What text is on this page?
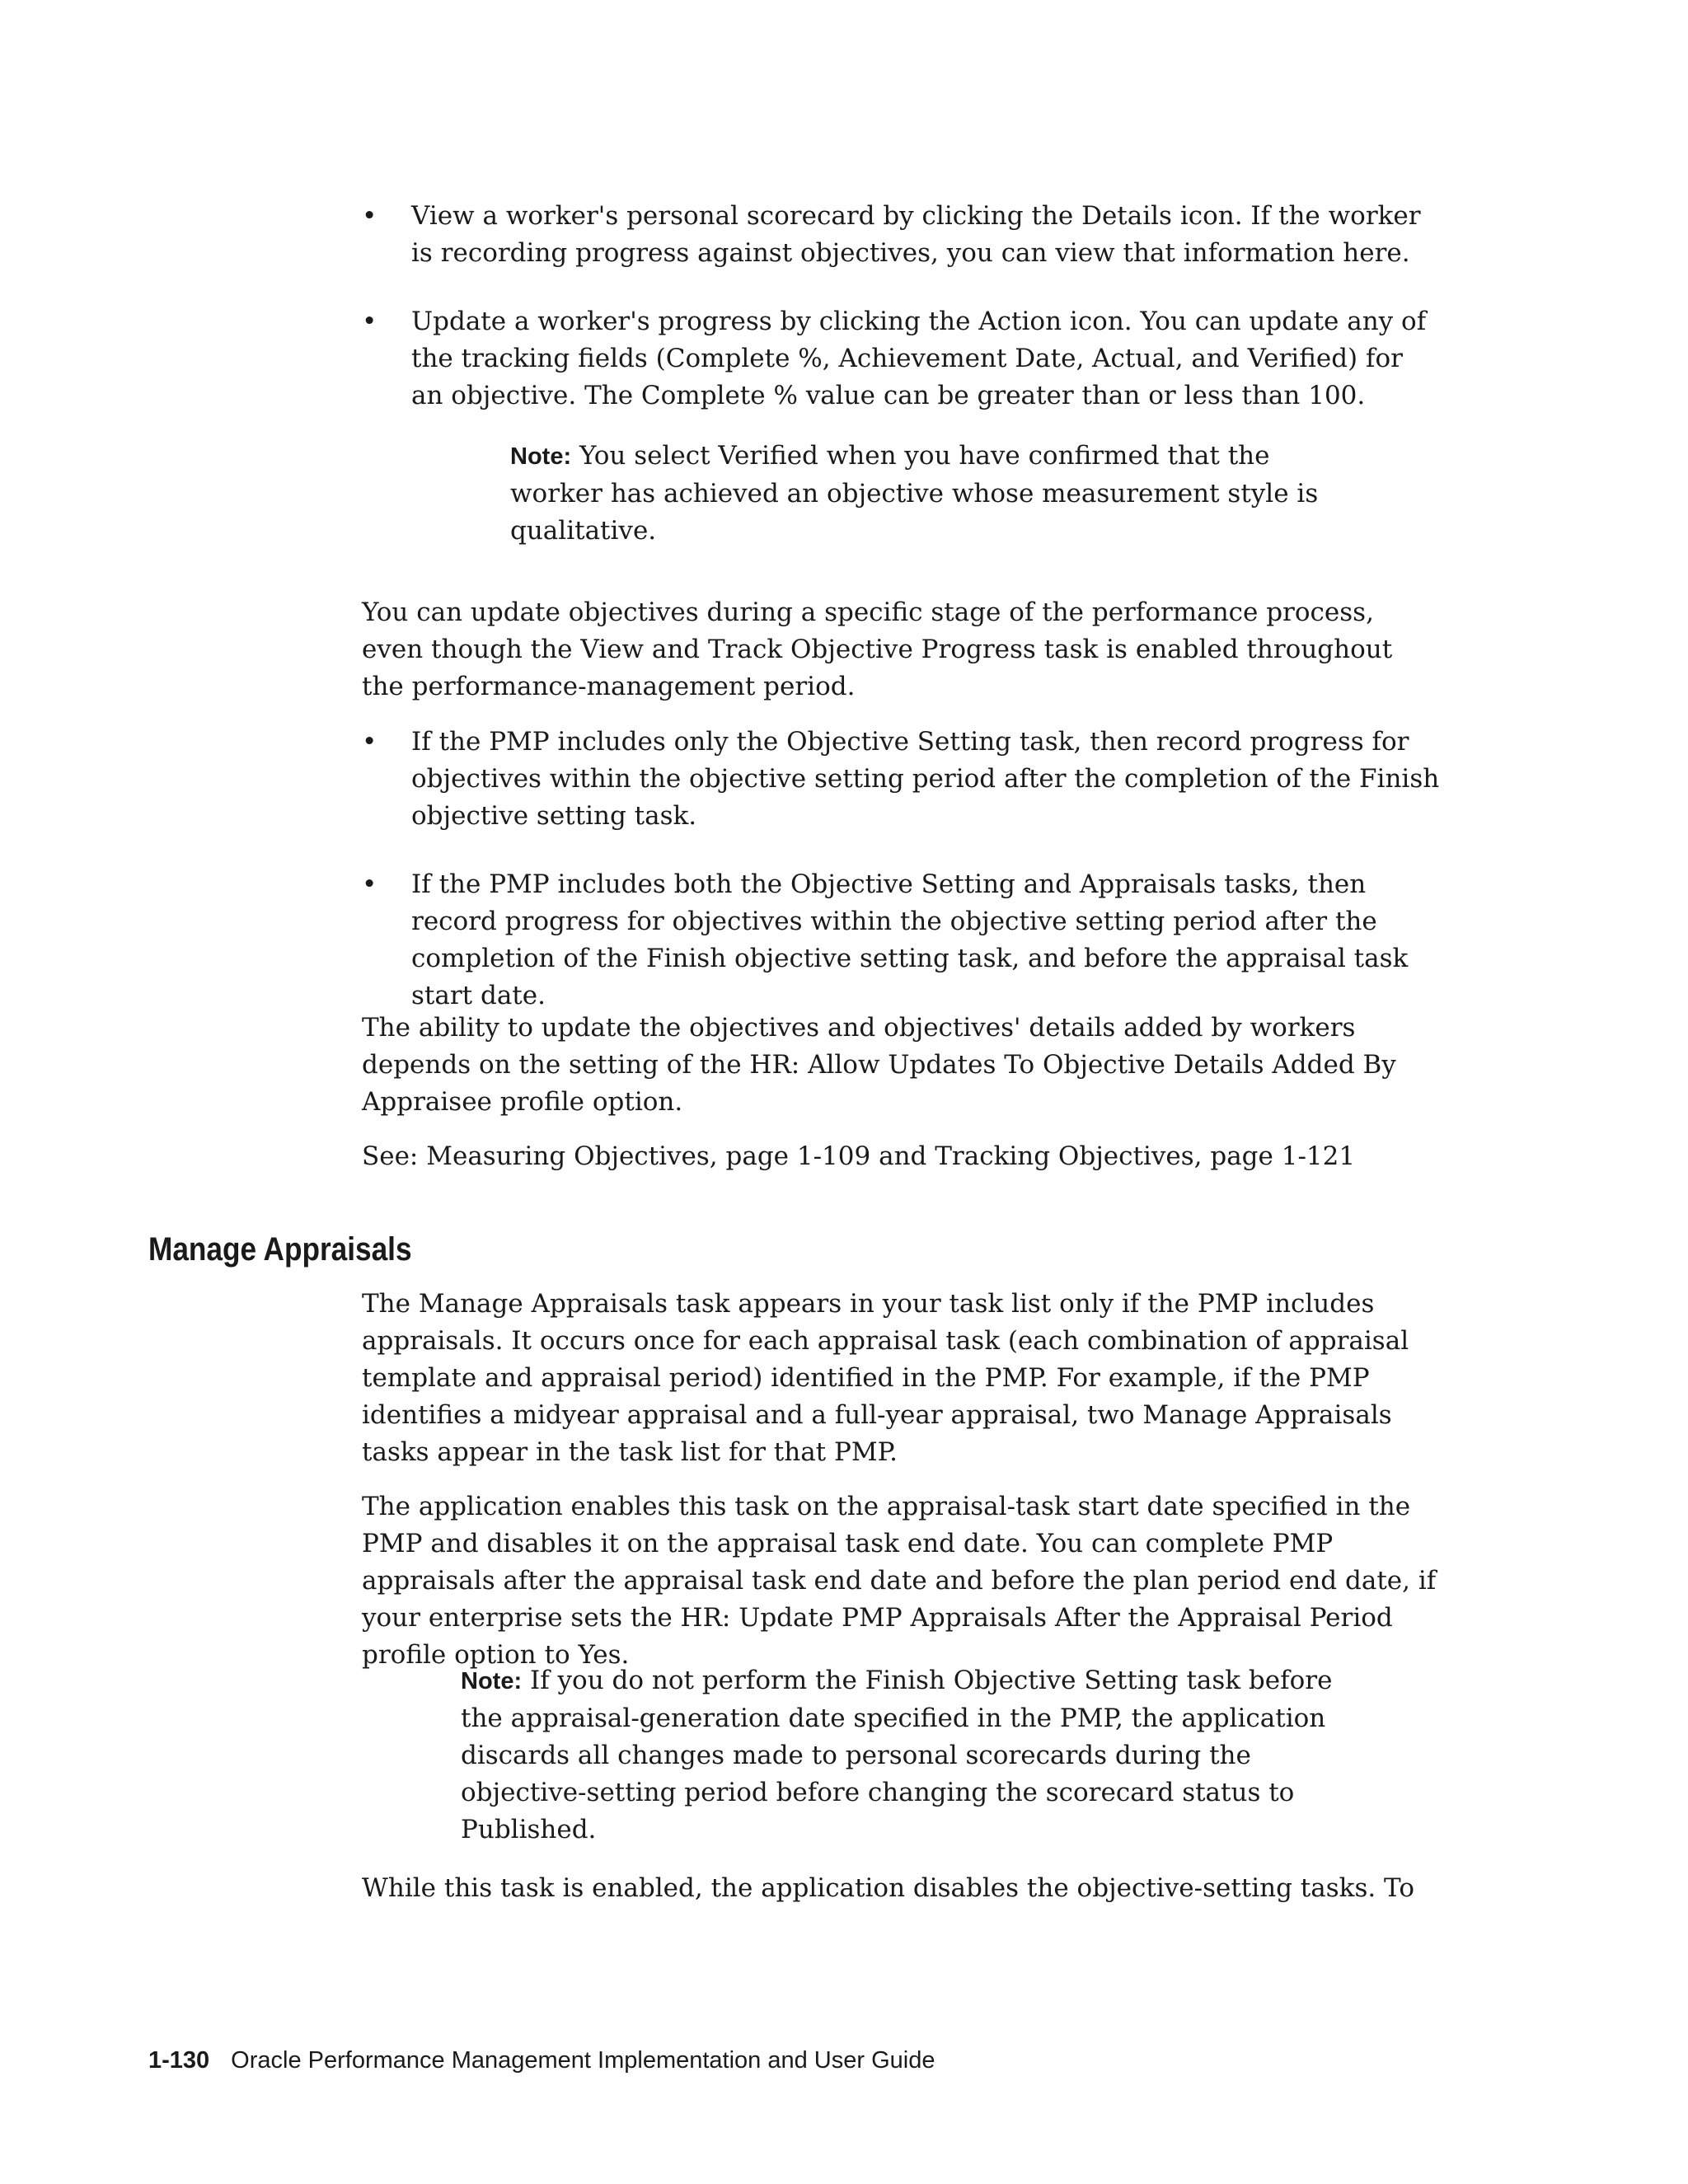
•	View a worker's personal scorecard by clicking the Details icon. If the worker is recording progress against objectives, you can view that information here.
•	Update a worker's progress by clicking the Action icon. You can update any of the tracking fields (Complete %, Achievement Date, Actual, and Verified) for an objective. The Complete % value can be greater than or less than 100.
Note: You select Verified when you have confirmed that the worker has achieved an objective whose measurement style is qualitative.

You can update objectives during a specific stage of the performance process, even though the View and Track Objective Progress task is enabled throughout the performance-management period.

•	If the PMP includes only the Objective Setting task, then record progress for objectives within the objective setting period after the completion of the Finish objective setting task.
•	If the PMP includes both the Objective Setting and Appraisals tasks, then record progress for objectives within the objective setting period after the completion of the Finish objective setting task, and before the appraisal task start date.

The ability to update the objectives and objectives' details added by workers depends on the setting of the HR: Allow Updates To Objective Details Added By Appraisee profile option.

See: Measuring Objectives, page 1-109 and Tracking Objectives, page 1-121

Manage Appraisals

The Manage Appraisals task appears in your task list only if the PMP includes appraisals. It occurs once for each appraisal task (each combination of appraisal template and appraisal period) identified in the PMP. For example, if the PMP identifies a midyear appraisal and a full-year appraisal, two Manage Appraisals tasks appear in the task list for that PMP.

The application enables this task on the appraisal-task start date specified in the PMP and disables it on the appraisal task end date. You can complete PMP appraisals after the appraisal task end date and before the plan period end date, if your enterprise sets the HR: Update PMP Appraisals After the Appraisal Period profile option to Yes.

Note: If you do not perform the Finish Objective Setting task before the appraisal-generation date specified in the PMP, the application discards all changes made to personal scorecards during the objective-setting period before changing the scorecard status to Published.

While this task is enabled, the application disables the objective-setting tasks. To

1-130 Oracle Performance Management Implementation and User Guide
